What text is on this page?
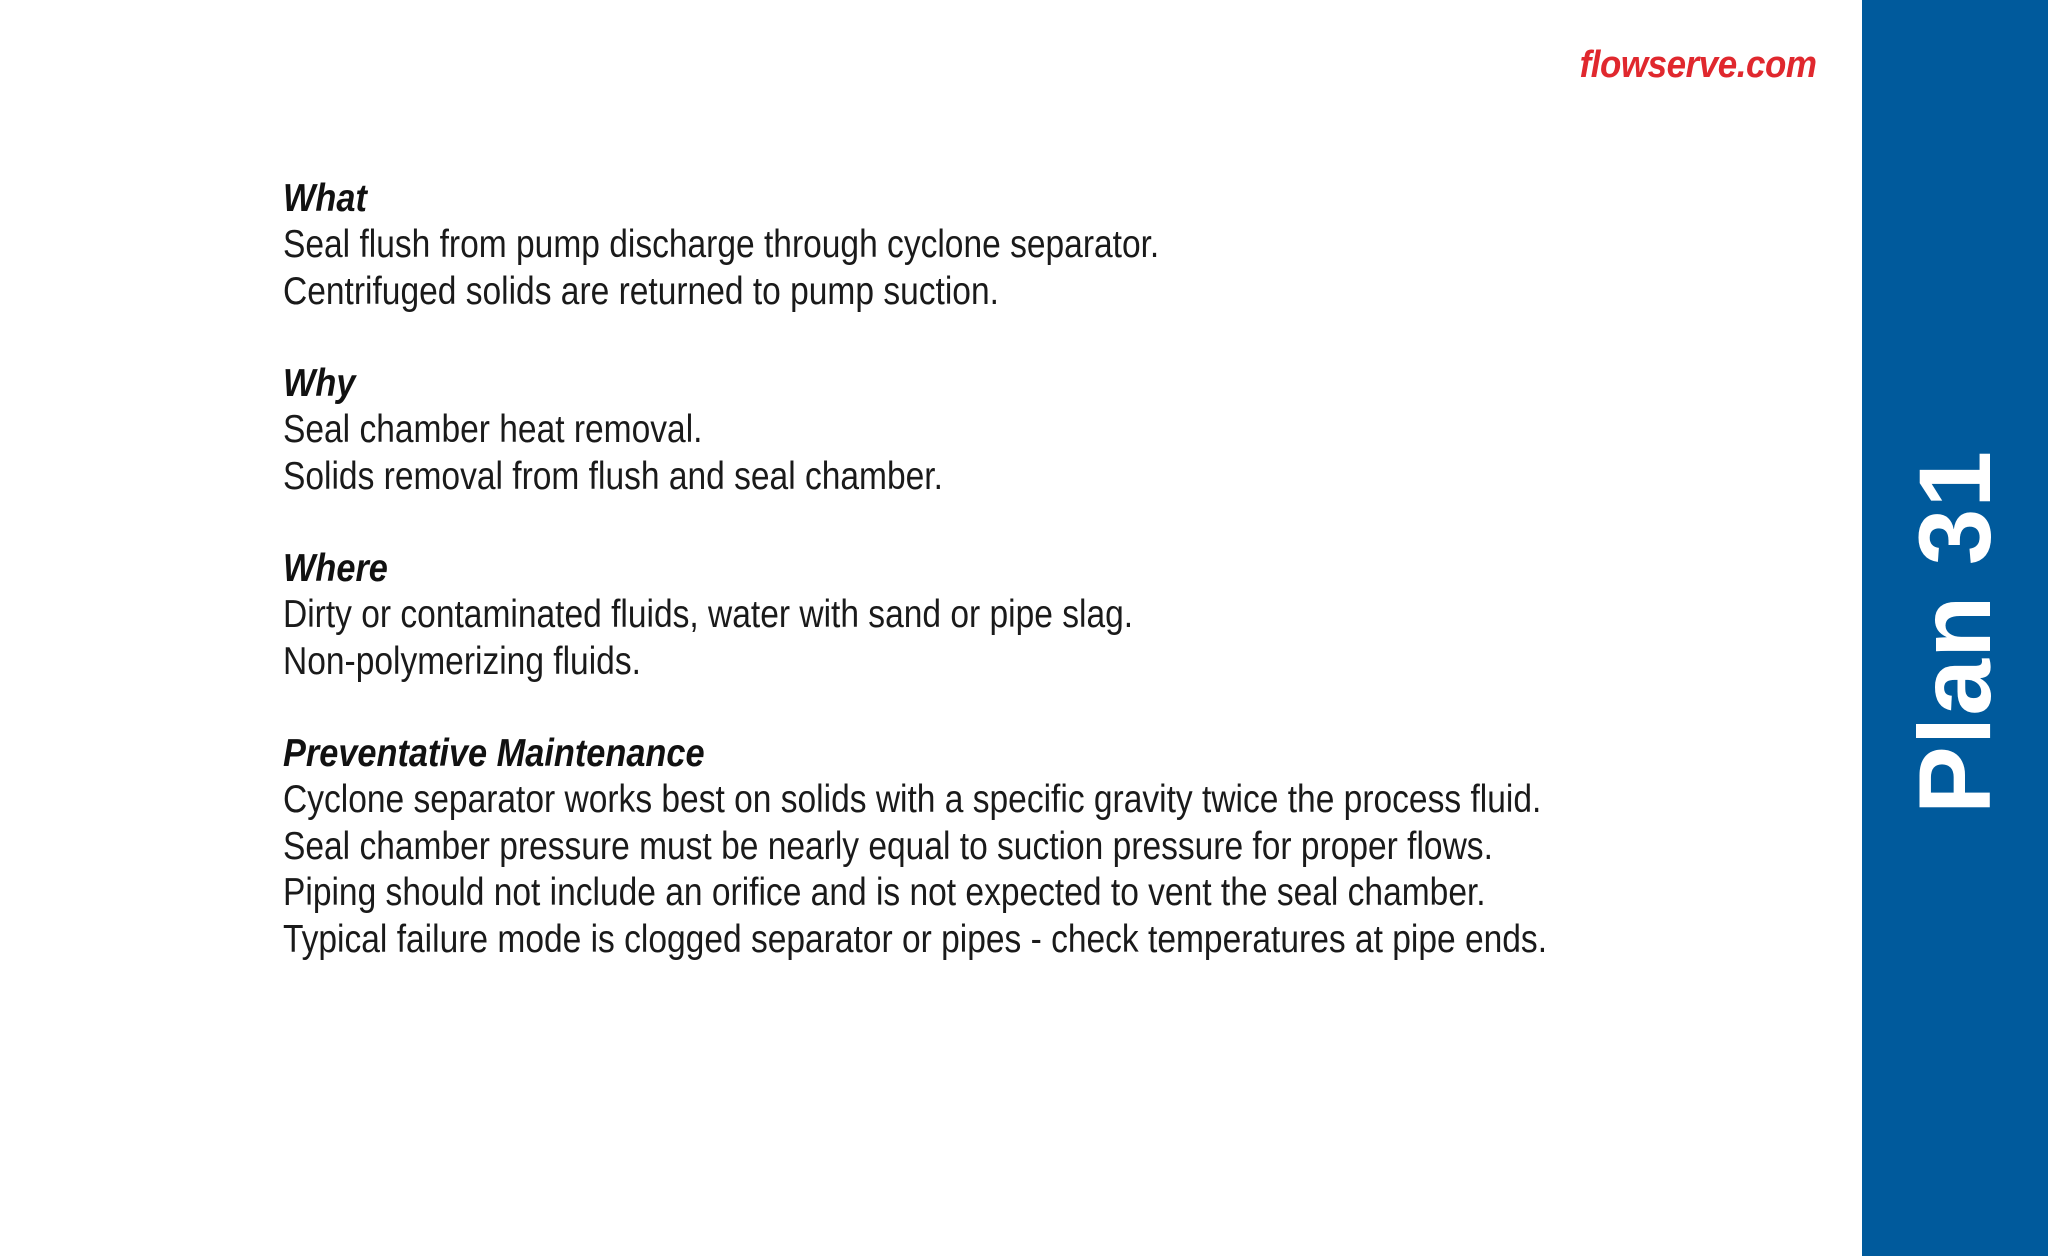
flowserve.com
Plan 31

What

Seal flush from pump discharge through cyclone separator.

Centrifuged solids are returned to pump suction.

Why

Seal chamber heat removal.

Solids removal from flush and seal chamber.

Where

Dirty or contaminated fluids, water with sand or pipe slag.

Non-polymerizing fluids.

Preventative Maintenance

Cyclone separator works best on solids with a specific gravity twice the process fluid.

Seal chamber pressure must be nearly equal to suction pressure for proper flows.

Piping should not include an orifice and is not expected to vent the seal chamber.

Typical failure mode is clogged separator or pipes - check temperatures at pipe ends.
